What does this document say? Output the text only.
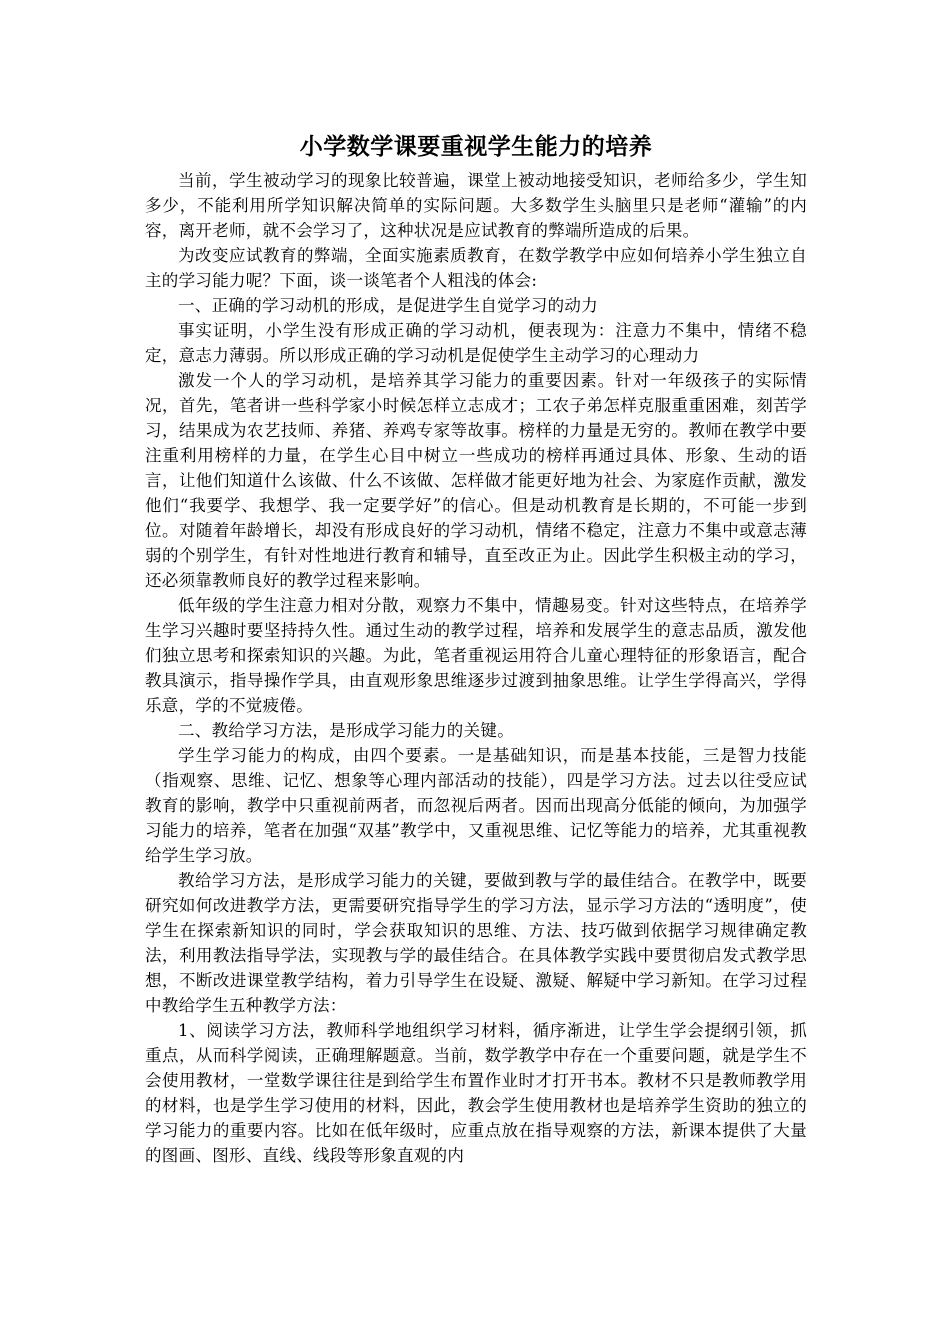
小学数学课要重视学生能力的培养

当前，学生被动学习的现象比较普遍，课堂上被动地接受知识，老师给多少，学生知多少，不能利用所学知识解决简单的实际问题。大多数学生头脑里只是老师“灌输”的内容，离开老师，就不会学习了，这种状况是应试教育的弊端所造成的后果。

为改变应试教育的弊端，全面实施素质教育，在数学教学中应如何培养小学生独立自主的学习能力呢？下面，谈一谈笔者个人粗浅的体会:

一、正确的学习动机的形成，是促进学生自觉学习的动力

事实证明，小学生没有形成正确的学习动机，便表现为：注意力不集中，情绪不稳定，意志力薄弱。所以形成正确的学习动机是促使学生主动学习的心理动力

激发一个人的学习动机，是培养其学习能力的重要因素。针对一年级孩子的实际情况，首先，笔者讲一些科学家小时候怎样立志成才；工农子弟怎样克服重重困难，刻苦学习，结果成为农艺技师、养猪、养鸡专家等故事。榜样的力量是无穷的。教师在教学中要注重利用榜样的力量，在学生心目中树立一些成功的榜样再通过具体、形象、生动的语言，让他们知道什么该做、什么不该做、怎样做才能更好地为社会、为家庭作贡献，激发他们“我要学、我想学、我一定要学好”的信心。但是动机教育是长期的，不可能一步到位。对随着年龄增长，却没有形成良好的学习动机，情绪不稳定，注意力不集中或意志薄弱的个别学生，有针对性地进行教育和辅导，直至改正为止。因此学生积极主动的学习，还必须靠教师良好的教学过程来影响。

低年级的学生注意力相对分散，观察力不集中，情趣易变。针对这些特点，在培养学生学习兴趣时要坚持持久性。通过生动的教学过程，培养和发展学生的意志品质，激发他们独立思考和探索知识的兴趣。为此，笔者重视运用符合儿童心理特征的形象语言，配合教具演示，指导操作学具，由直观形象思维逐步过渡到抽象思维。让学生学得高兴，学得乐意，学的不觉疲倦。

二、教给学习方法，是形成学习能力的关键。

学生学习能力的构成，由四个要素。一是基础知识，而是基本技能，三是智力技能（指观察、思维、记忆、想象等心理内部活动的技能），四是学习方法。过去以往受应试教育的影响，教学中只重视前两者，而忽视后两者。因而出现高分低能的倾向，为加强学习能力的培养，笔者在加强“双基”教学中，又重视思维、记忆等能力的培养，尤其重视教给学生学习放。

教给学习方法，是形成学习能力的关键，要做到教与学的最佳结合。在教学中，既要研究如何改进教学方法，更需要研究指导学生的学习方法，显示学习方法的“透明度”，使学生在探索新知识的同时，学会获取知识的思维、方法、技巧做到依据学习规律确定教法，利用教法指导学法，实现教与学的最佳结合。在具体教学实践中要贯彻启发式教学思想，不断改进课堂教学结构，着力引导学生在设疑、激疑、解疑中学习新知。在学习过程中教给学生五种教学方法：

1、阅读学习方法，教师科学地组织学习材料，循序渐进，让学生学会提纲引领，抓重点，从而科学阅读，正确理解题意。当前，数学教学中存在一个重要问题，就是学生不会使用教材，一堂数学课往往是到给学生布置作业时才打开书本。教材不只是教师教学用的材料，也是学生学习使用的材料，因此，教会学生使用教材也是培养学生资助的独立的学习能力的重要内容。比如在低年级时，应重点放在指导观察的方法，新课本提供了大量的图画、图形、直线、线段等形象直观的内
